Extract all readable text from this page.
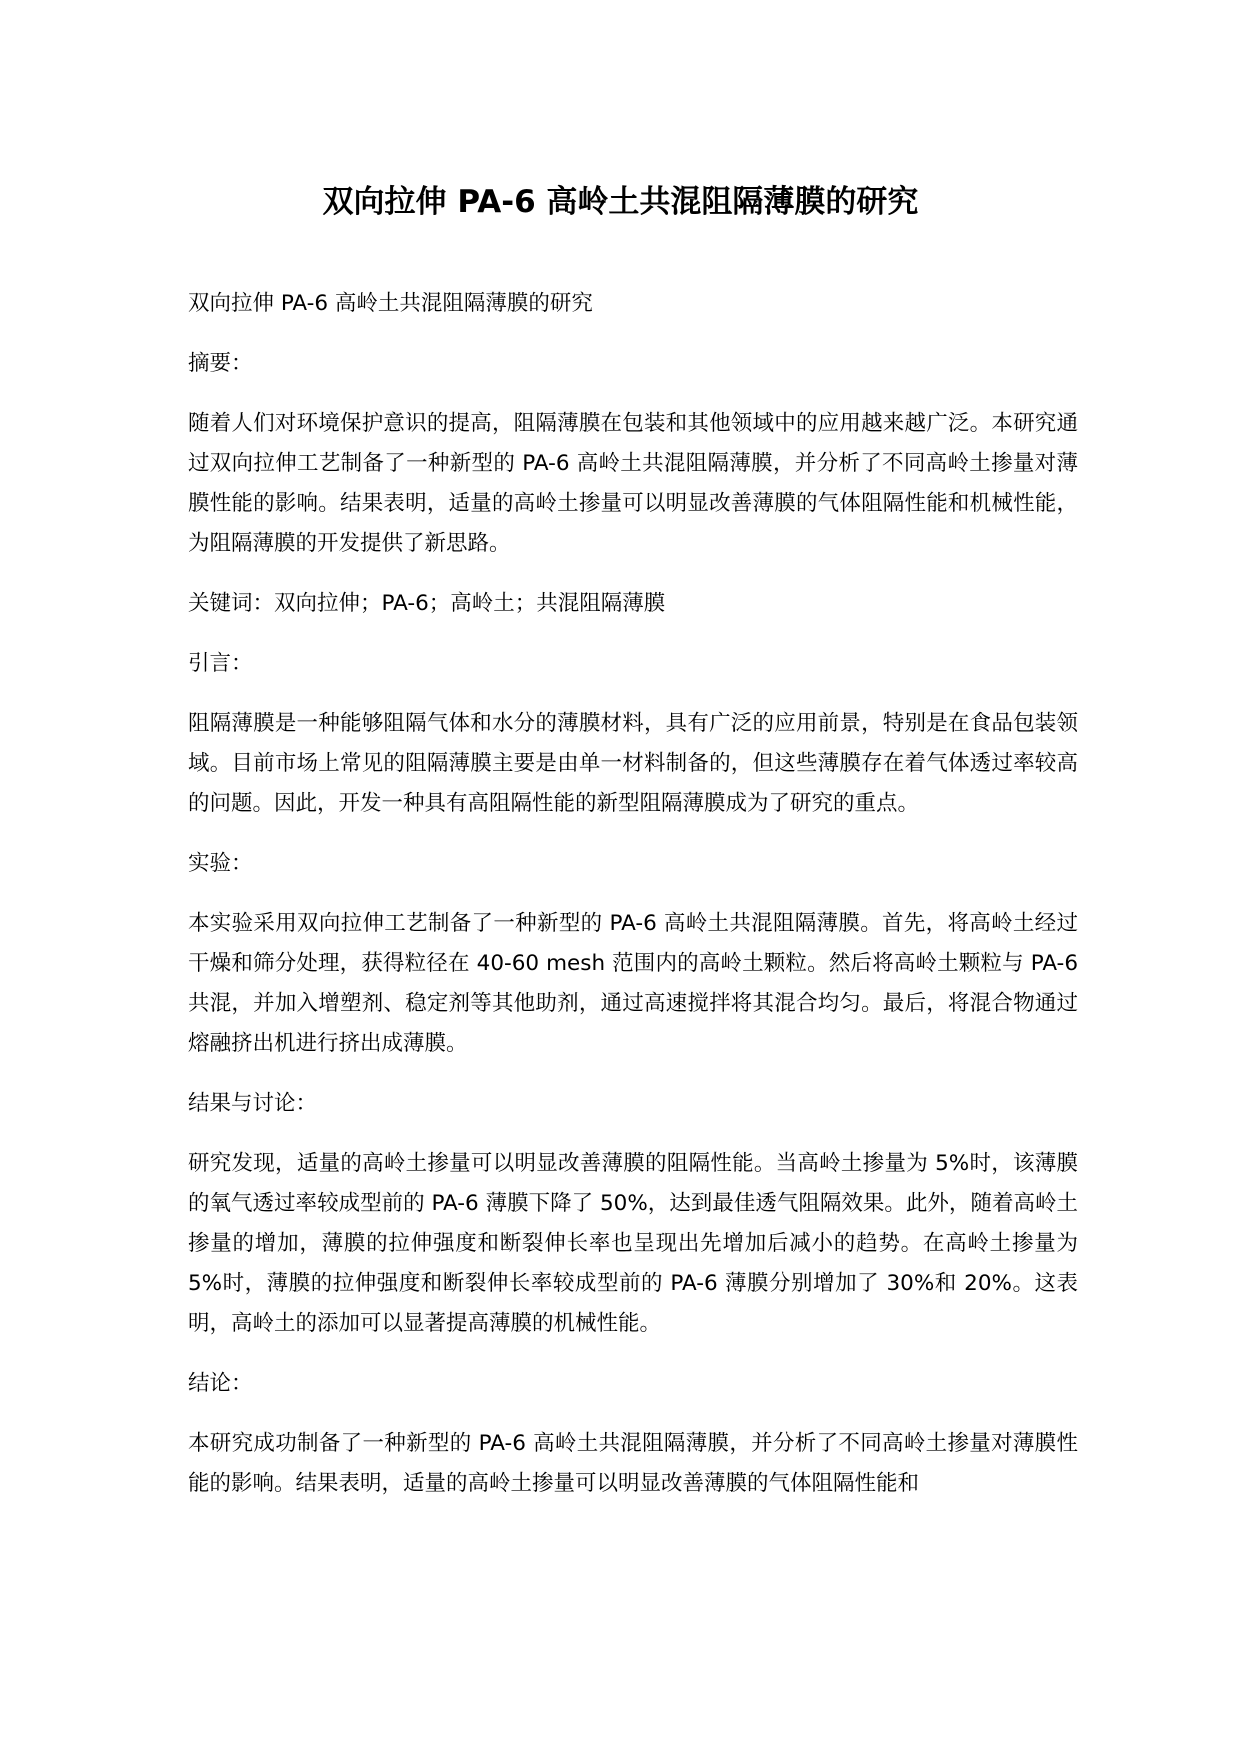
双向拉伸 PA-6 高岭土共混阻隔薄膜的研究

双向拉伸 PA-6 高岭土共混阻隔薄膜的研究

摘要：

随着人们对环境保护意识的提高，阻隔薄膜在包装和其他领域中的应用越来越广泛。本研究通过双向拉伸工艺制备了一种新型的 PA-6 高岭土共混阻隔薄膜，并分析了不同高岭土掺量对薄膜性能的影响。结果表明，适量的高岭土掺量可以明显改善薄膜的气体阻隔性能和机械性能，为阻隔薄膜的开发提供了新思路。

关键词：双向拉伸；PA-6；高岭土；共混阻隔薄膜

引言：

阻隔薄膜是一种能够阻隔气体和水分的薄膜材料，具有广泛的应用前景，特别是在食品包装领域。目前市场上常见的阻隔薄膜主要是由单一材料制备的，但这些薄膜存在着气体透过率较高的问题。因此，开发一种具有高阻隔性能的新型阻隔薄膜成为了研究的重点。

实验：

本实验采用双向拉伸工艺制备了一种新型的 PA-6 高岭土共混阻隔薄膜。首先，将高岭土经过干燥和筛分处理，获得粒径在 40-60 mesh 范围内的高岭土颗粒。然后将高岭土颗粒与 PA-6 共混，并加入增塑剂、稳定剂等其他助剂，通过高速搅拌将其混合均匀。最后，将混合物通过熔融挤出机进行挤出成薄膜。

结果与讨论：

研究发现，适量的高岭土掺量可以明显改善薄膜的阻隔性能。当高岭土掺量为 5%时，该薄膜的氧气透过率较成型前的 PA-6 薄膜下降了 50%，达到最佳透气阻隔效果。此外，随着高岭土掺量的增加，薄膜的拉伸强度和断裂伸长率也呈现出先增加后减小的趋势。在高岭土掺量为 5%时，薄膜的拉伸强度和断裂伸长率较成型前的 PA-6 薄膜分别增加了 30%和 20%。这表明，高岭土的添加可以显著提高薄膜的机械性能。

结论：

本研究成功制备了一种新型的 PA-6 高岭土共混阻隔薄膜，并分析了不同高岭土掺量对薄膜性能的影响。结果表明，适量的高岭土掺量可以明显改善薄膜的气体阻隔性能和
